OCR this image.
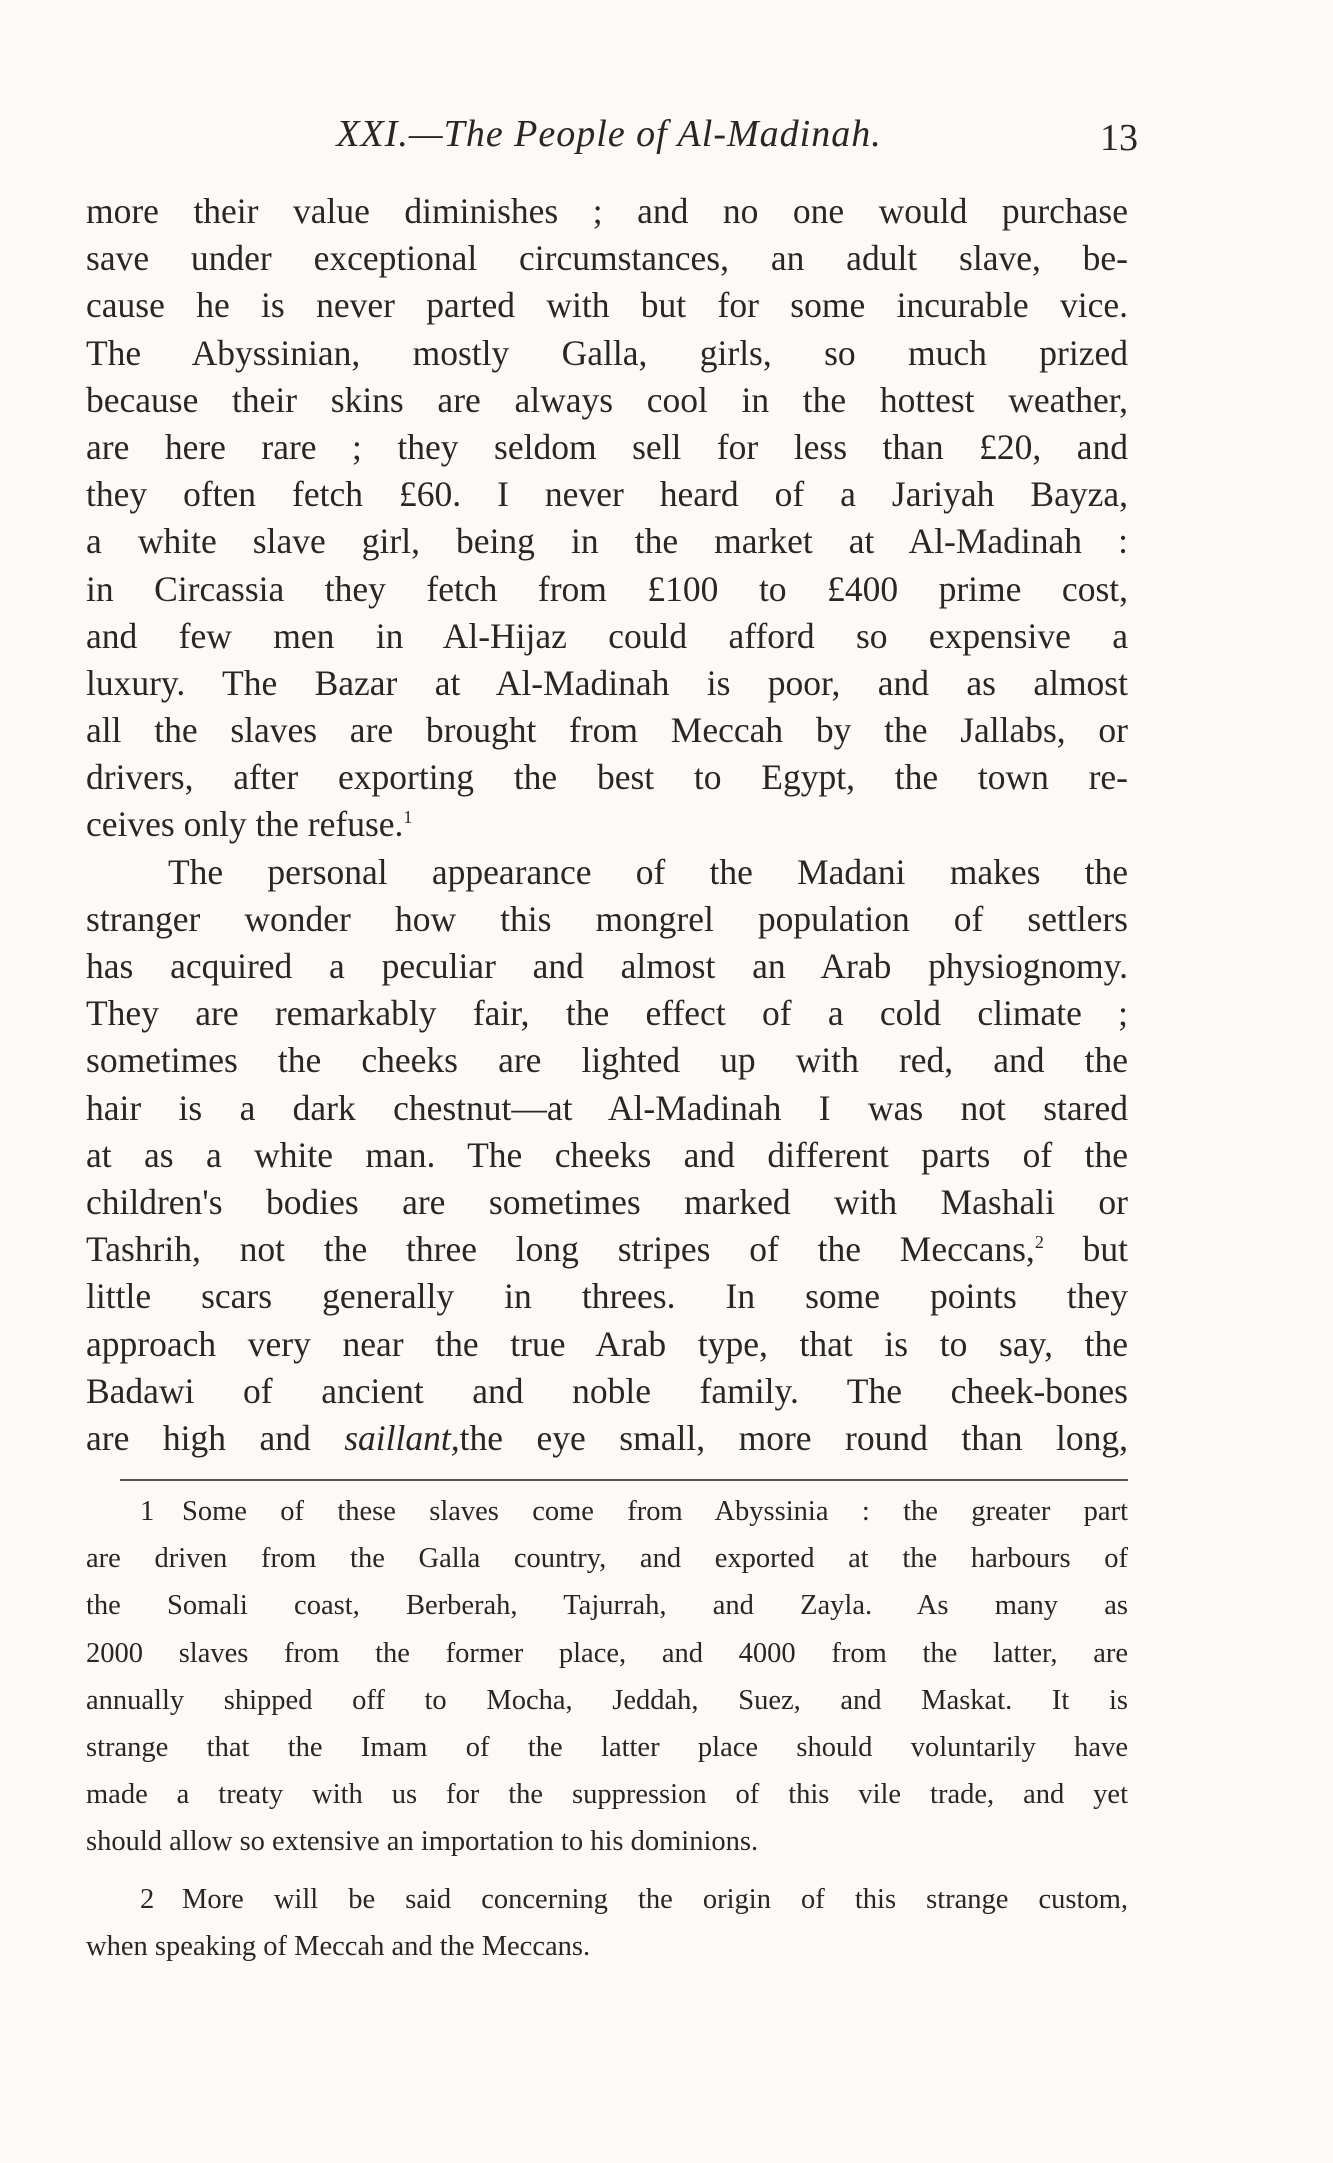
XXI.—The People of Al-Madinah.	13
more their value diminishes ; and no one would purchase
save under exceptional circumstances, an adult slave, be-
cause he is never parted with but for some incurable vice.
The Abyssinian, mostly Galla, girls, so much prized
because their skins are always cool in the hottest weather,
are here rare ; they seldom sell for less than £20, and
they often fetch £60. I never heard of a Jariyah Bayza,
a white slave girl, being in the market at Al-Madinah :
in Circassia they fetch from £100 to £400 prime cost,
and few men in Al-Hijaz could afford so expensive a
luxury. The Bazar at Al-Madinah is poor, and as almost
all the slaves are brought from Meccah by the Jallabs, or
drivers, after exporting the best to Egypt, the town re-
ceives only the refuse.$^1$
The personal appearance of the Madani makes the
stranger wonder how this mongrel population of settlers
has acquired a peculiar and almost an Arab physiognomy.
They are remarkably fair, the effect of a cold climate ;
sometimes the cheeks are lighted up with red, and the
hair is a dark chestnut—at Al-Madinah I was not stared
at as a white man. The cheeks and different parts of the
children's bodies are sometimes marked with Mashali or
Tashrih, not the three long stripes of the Meccans,$^2$ but
little scars generally in threes. In some points they
approach very near the true Arab type, that is to say, the
Badawi of ancient and noble family. The cheek-bones
are high and saillant,the eye small, more round than long,
1 Some of these slaves come from Abyssinia : the greater part
are driven from the Galla country, and exported at the harbours of
the Somali coast, Berberah, Tajurrah, and Zayla. As many as
2000 slaves from the former place, and 4000 from the latter, are
annually shipped off to Mocha, Jeddah, Suez, and Maskat. It is
strange that the Imam of the latter place should voluntarily have
made a treaty with us for the suppression of this vile trade, and yet
should allow so extensive an importation to his dominions.
2 More will be said concerning the origin of this strange custom,
when speaking of Meccah and the Meccans.
